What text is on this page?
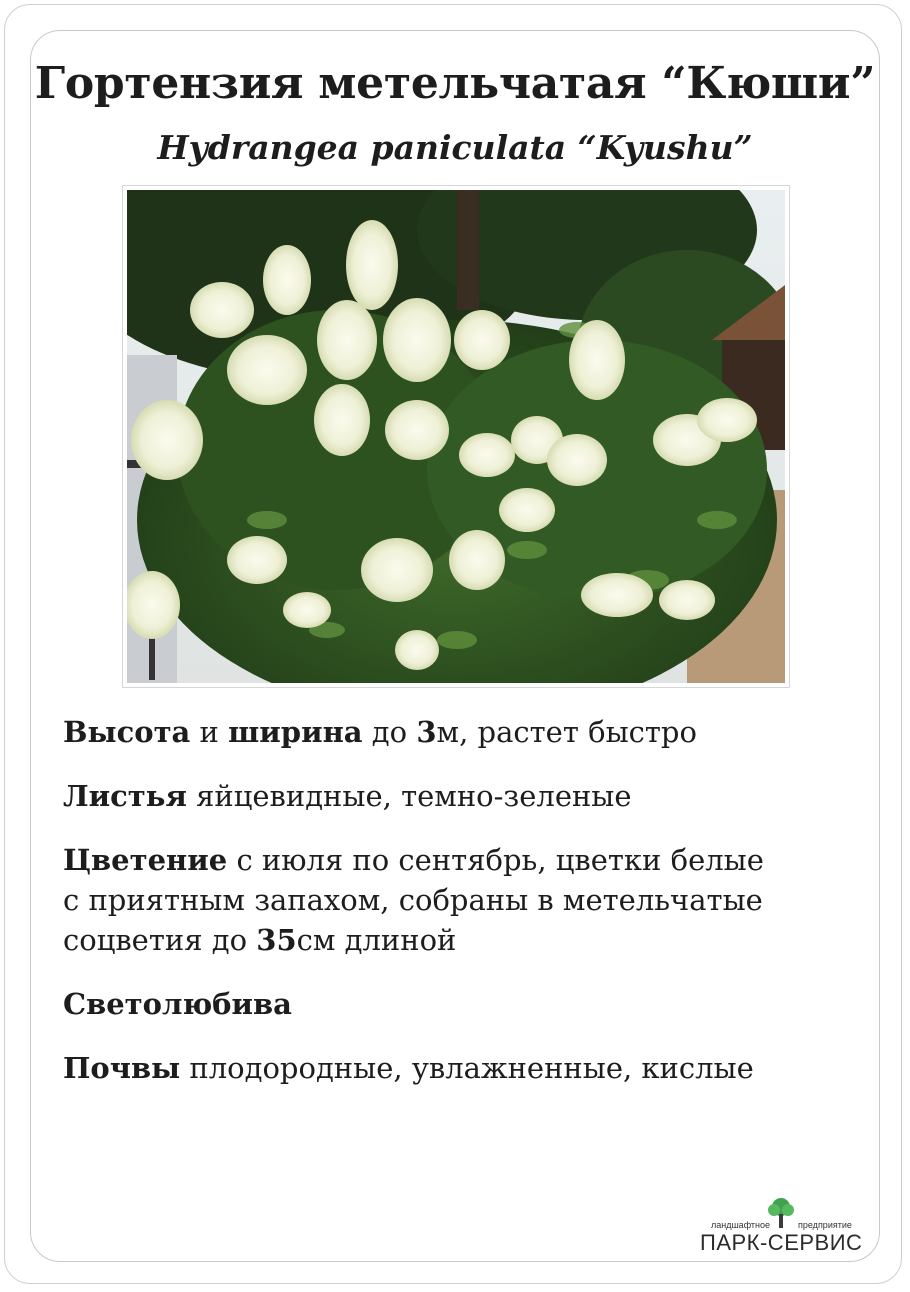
Гортензия метельчатая “Кюши”
Hydrangea paniculata “Kyushu”

Высота и ширина до 3м, растет быстро

Листья яйцевидные, темно-зеленые

Цветение с июля по сентябрь, цветки белые
с приятным запахом, собраны в метельчатые
соцветия до 35см длиной

Светолюбива

Почвы плодородные, увлажненные, кислые

ландшафтное	предприятие
ПАРК-СЕРВИС
